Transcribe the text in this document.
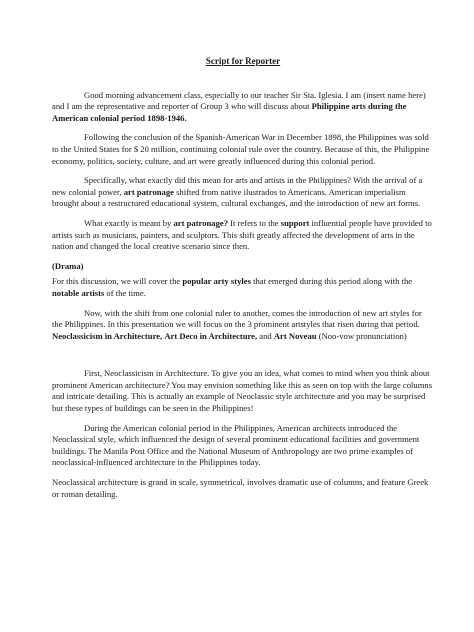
Script for Reporter

Good morning advancement class, especially to our teacher Sir Sta. Iglesia. I am (insert name here) and I am the representative and reporter of Group 3 who will discuss about Philippine arts during the American colonial period 1898-1946.

Following the conclusion of the Spanish-American War in December 1898, the Philippines was sold to the United States for $ 20 million, continuing colonial rule over the country. Because of this, the Philippine economy, politics, society, culture, and art were greatly influenced during this colonial period.

Specifically, what exactly did this mean for arts and artists in the Philippines? With the arrival of a new colonial power, art patronage shifted from native ilustrados to Americans. American imperialism brought about a restructured educational system, cultural exchanges, and the introduction of new art forms.

What exactly is meant by art patronage? It refers to the support influential people have provided to artists such as musicians, painters, and sculptors. This shift greatly affected the development of arts in the nation and changed the local creative scenario since then.

(Drama)

For this discussion, we will cover the popular arty styles that emerged during this period along with the notable artists of the time.

Now, with the shift from one colonial ruler to another, comes the introduction of new art styles for the Philippines. In this presentation we will focus on the 3 prominent artstyles that risen during that period. Neoclassicism in Architecture, Art Deco in Architecture, and Art Noveau (Noo-vow pronunciation)

First, Neoclassicism in Architecture. To give you an idea, what comes to mind when you think about prominent American architecture? You may envision something like this as seen on top with the large columns and intricate detailing. This is actually an example of Neoclassic style architecture and you may be surprised but these types of buildings can be seen in the Philippines!

During the American colonial period in the Philippines, American architects introduced the Neoclassical style, which influenced the design of several prominent educational facilities and government buildings. The Manila Post Office and the National Museum of Anthropology are two prime examples of neoclassical-influenced architecture in the Philippines today.

Neoclassical architecture is grand in scale, symmetrical, involves dramatic use of columns, and feature Greek or roman detailing.
